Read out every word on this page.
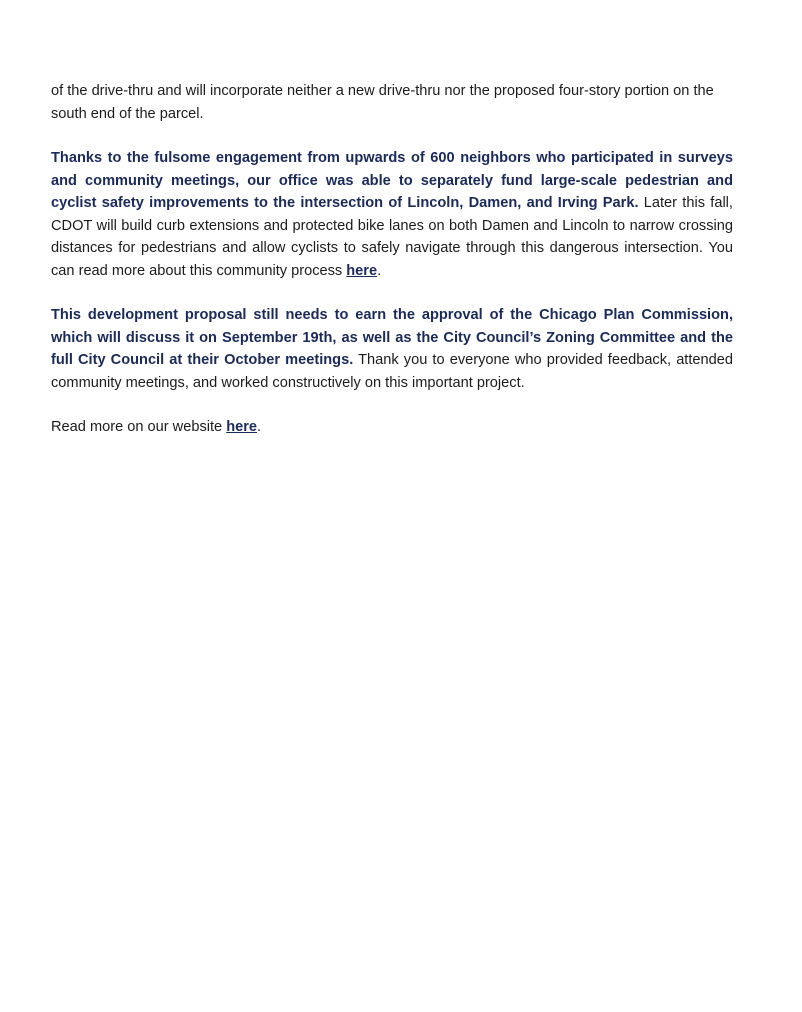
of the drive-thru and will incorporate neither a new drive-thru nor the proposed four-story portion on the south end of the parcel.

Thanks to the fulsome engagement from upwards of 600 neighbors who participated in surveys and community meetings, our office was able to separately fund large-scale pedestrian and cyclist safety improvements to the intersection of Lincoln, Damen, and Irving Park. Later this fall, CDOT will build curb extensions and protected bike lanes on both Damen and Lincoln to narrow crossing distances for pedestrians and allow cyclists to safely navigate through this dangerous intersection. You can read more about this community process here.

This development proposal still needs to earn the approval of the Chicago Plan Commission, which will discuss it on September 19th, as well as the City Council’s Zoning Committee and the full City Council at their October meetings. Thank you to everyone who provided feedback, attended community meetings, and worked constructively on this important project.

Read more on our website here.
